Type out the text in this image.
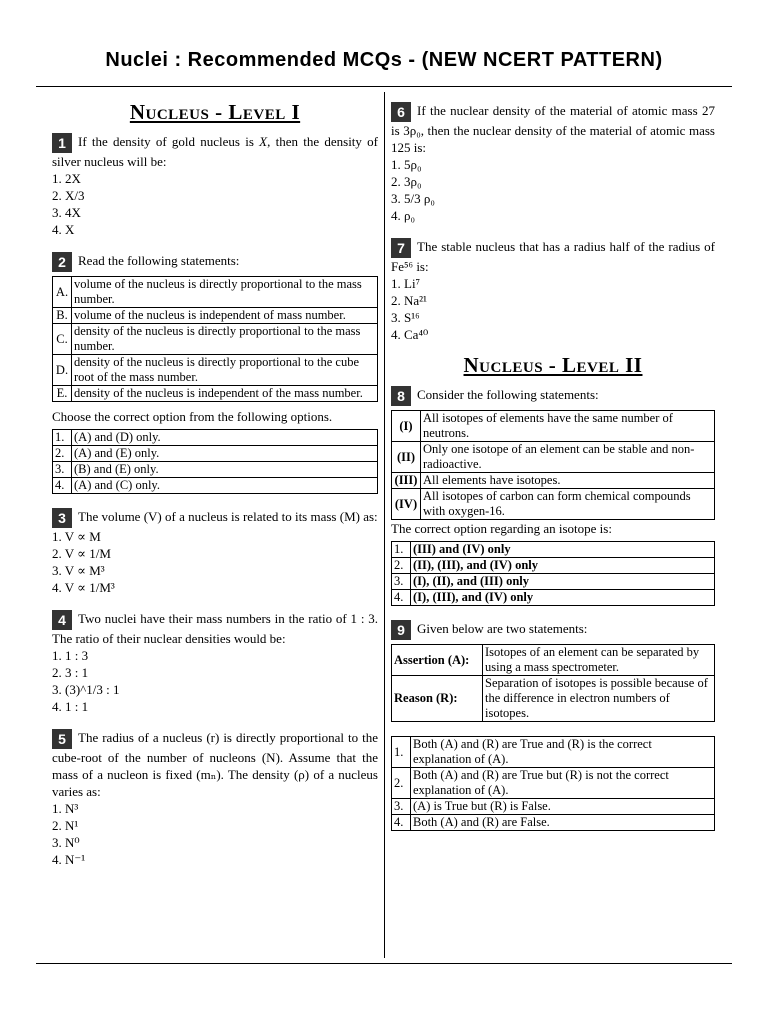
Nuclei : Recommended MCQs - (NEW NCERT PATTERN)
Nucleus - Level I
1 If the density of gold nucleus is X, then the density of silver nucleus will be:
1. 2X
2. X/3
3. 4X
4. X
2 Read the following statements:
A.	volume of the nucleus is directly proportional to the mass number.
B.	volume of the nucleus is independent of mass number.
C.	density of the nucleus is directly proportional to the mass number.
D.	density of the nucleus is directly proportional to the cube root of the mass number.
E.	density of the nucleus is independent of the mass number.
Choose the correct option from the following options.
1.	(A) and (D) only.
2.	(A) and (E) only.
3.	(B) and (E) only.
4.	(A) and (C) only.
3 The volume (V) of a nucleus is related to its mass (M) as:
1. V ∝ M
2. V ∝ 1/M
3. V ∝ M³
4. V ∝ 1/M³
4 Two nuclei have their mass numbers in the ratio of 1 : 3. The ratio of their nuclear densities would be:
1. 1 : 3
2. 3 : 1
3. (3)^1/3 : 1
4. 1 : 1
5 The radius of a nucleus (r) is directly proportional to the cube-root of the number of nucleons (N). Assume that the mass of a nucleon is fixed (mₙ). The density (ρ) of a nucleus varies as:
1. N³
2. N¹
3. N⁰
4. N⁻¹
6 If the nuclear density of the material of atomic mass 27 is 3ρ₀, then the nuclear density of the material of atomic mass 125 is:
1. 5ρ₀
2. 3ρ₀
3. 5/3 ρ₀
4. ρ₀
7 The stable nucleus that has a radius half of the radius of Fe⁵⁶ is:
1. Li⁷
2. Na²¹
3. S¹⁶
4. Ca⁴⁰
Nucleus - Level II
8 Consider the following statements:
(I)	All isotopes of elements have the same number of neutrons.
(II)	Only one isotope of an element can be stable and non-radioactive.
(III)	All elements have isotopes.
(IV)	All isotopes of carbon can form chemical compounds with oxygen-16.
The correct option regarding an isotope is:
1.	(III) and (IV) only
2.	(II), (III), and (IV) only
3.	(I), (II), and (III) only
4.	(I), (III), and (IV) only
9 Given below are two statements:
Assertion (A):	Isotopes of an element can be separated by using a mass spectrometer.
Reason (R):	Separation of isotopes is possible because of the difference in electron numbers of isotopes.
1.	Both (A) and (R) are True and (R) is the correct explanation of (A).
2.	Both (A) and (R) are True but (R) is not the correct explanation of (A).
3.	(A) is True but (R) is False.
4.	Both (A) and (R) are False.
